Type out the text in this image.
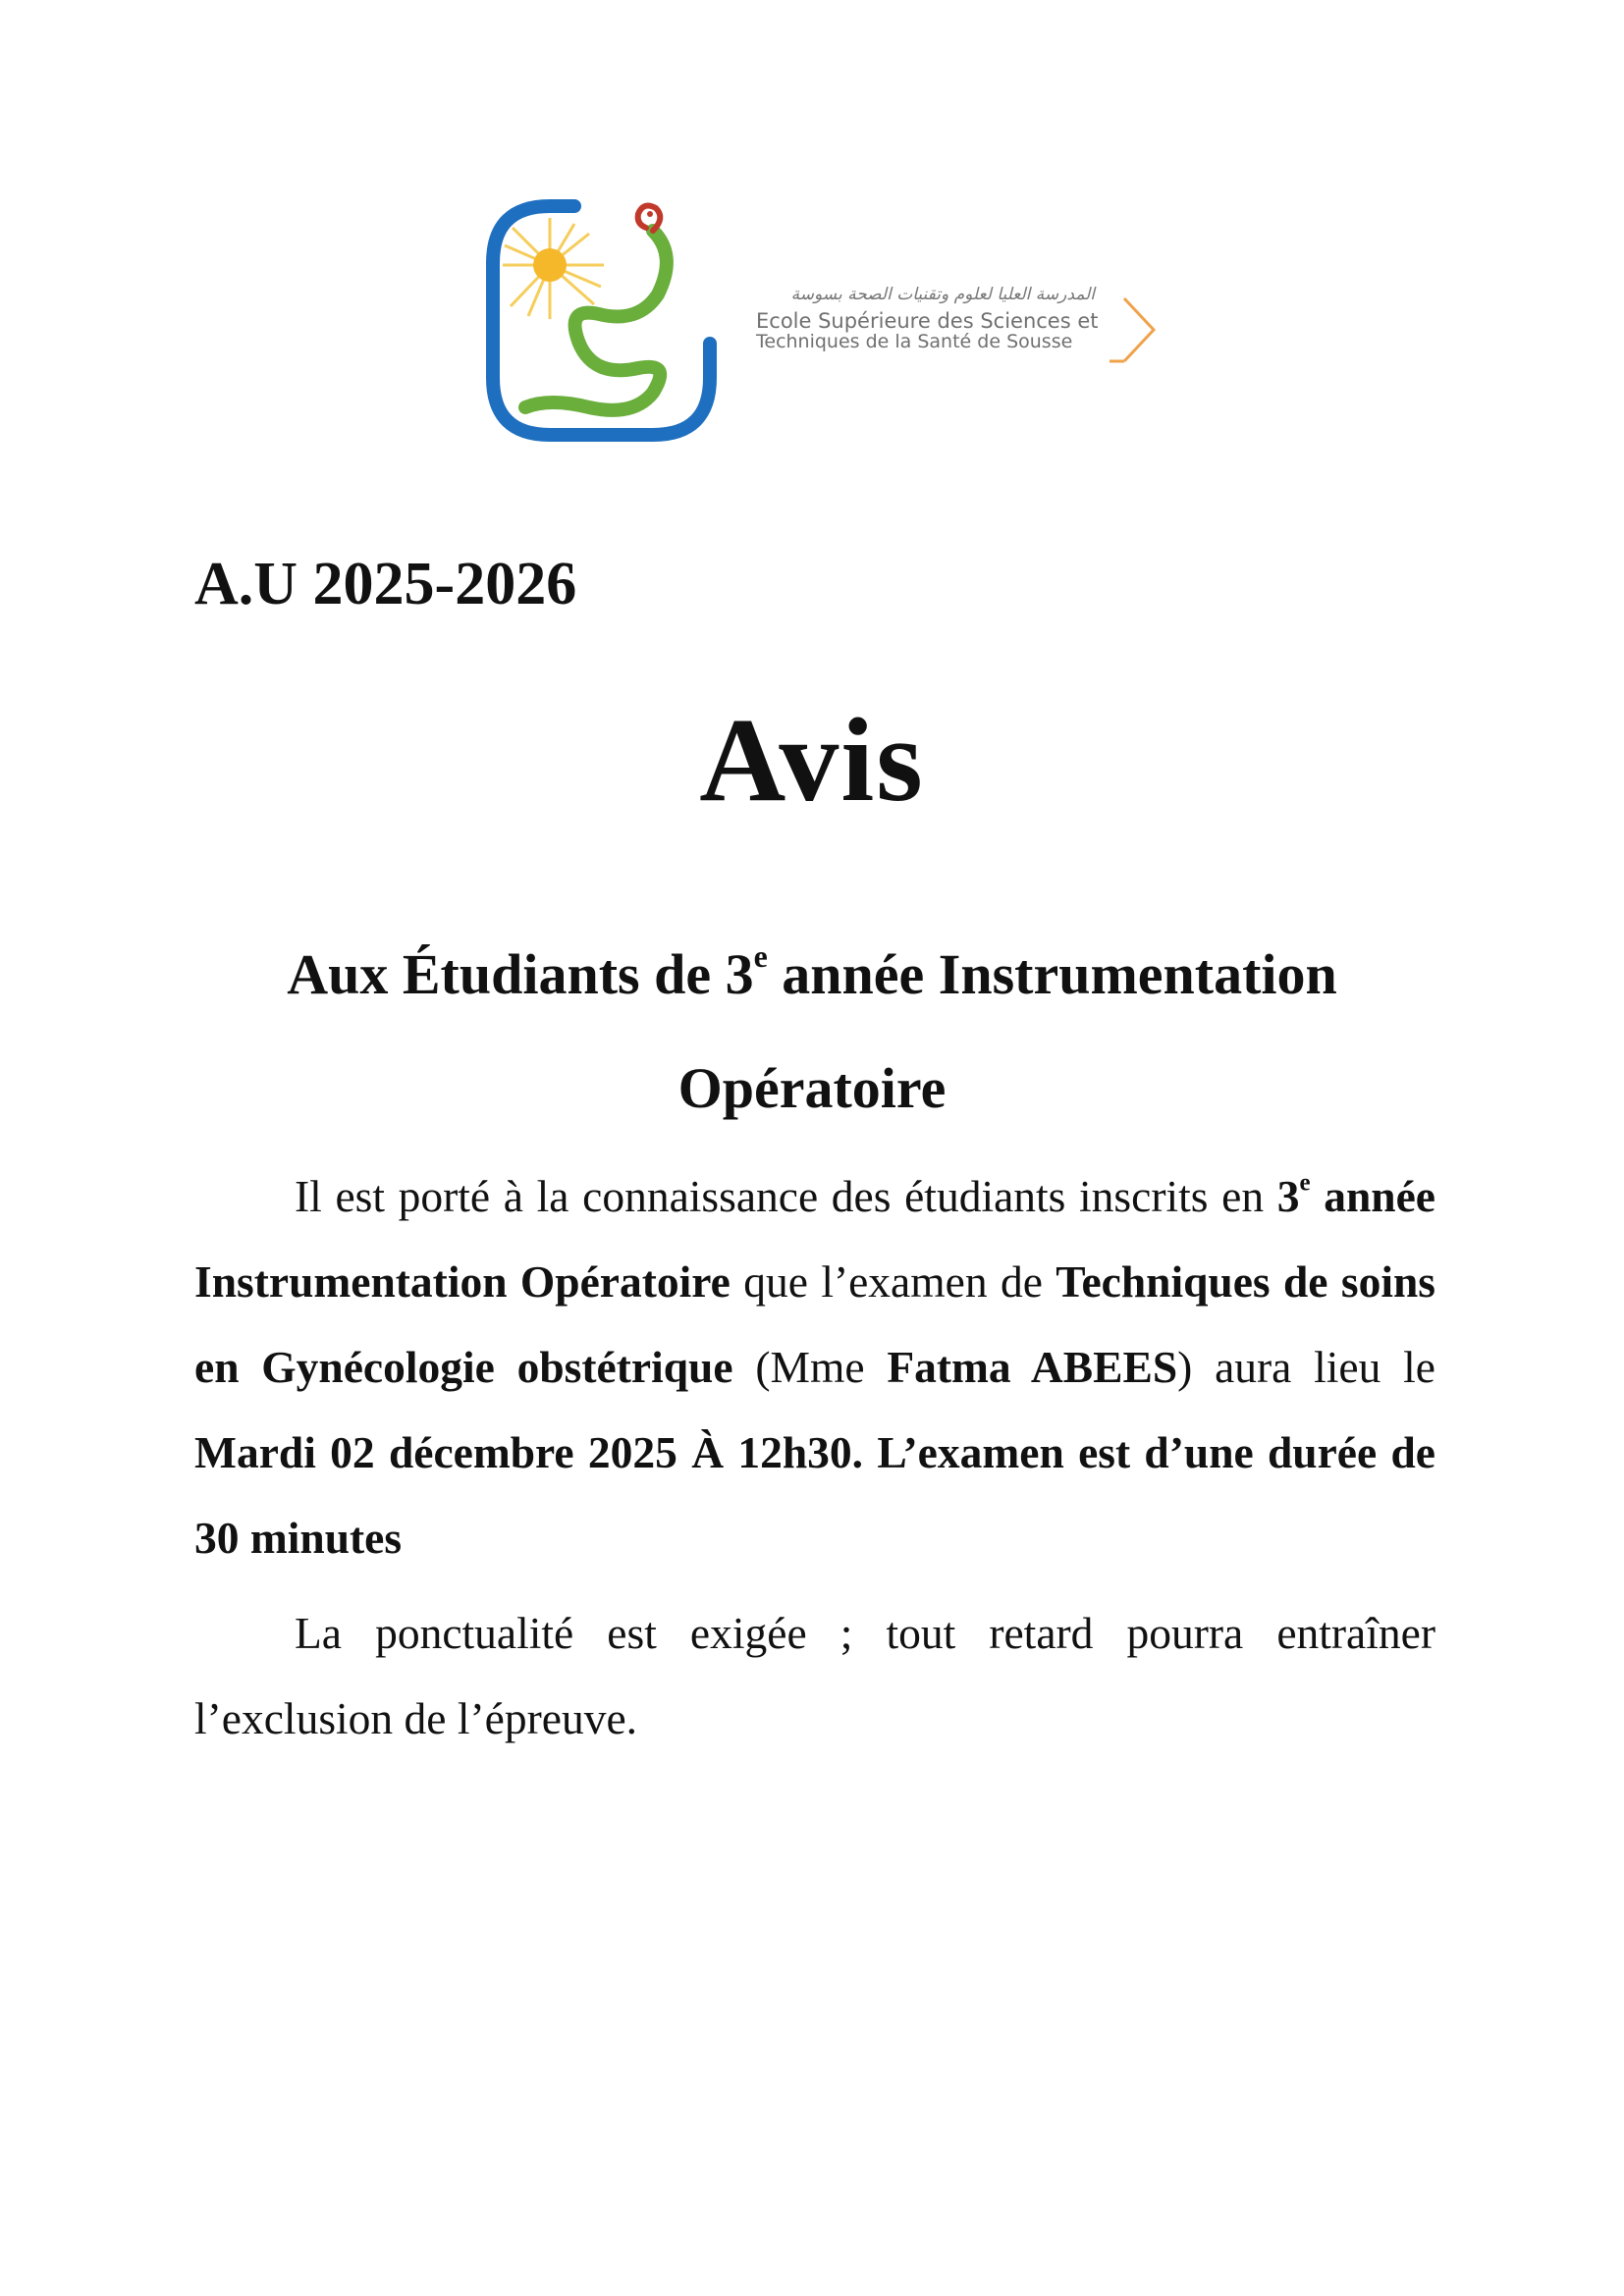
المدرسة العليا لعلوم وتقنيات الصحة بسوسة
Ecole Supérieure des Sciences et
Techniques de la Santé de Sousse
A.U 2025-2026
Avis
Aux Étudiants de 3e année Instrumentation Opératoire
Il est porté à la connaissance des étudiants inscrits en 3e année Instrumentation Opératoire que l’examen de Techniques de soins en Gynécologie obstétrique (Mme Fatma ABEES) aura lieu le Mardi 02 décembre 2025 À 12h30. L’examen est d’une durée de 30 minutes
La ponctualité est exigée ; tout retard pourra entraîner l’exclusion de l’épreuve.
